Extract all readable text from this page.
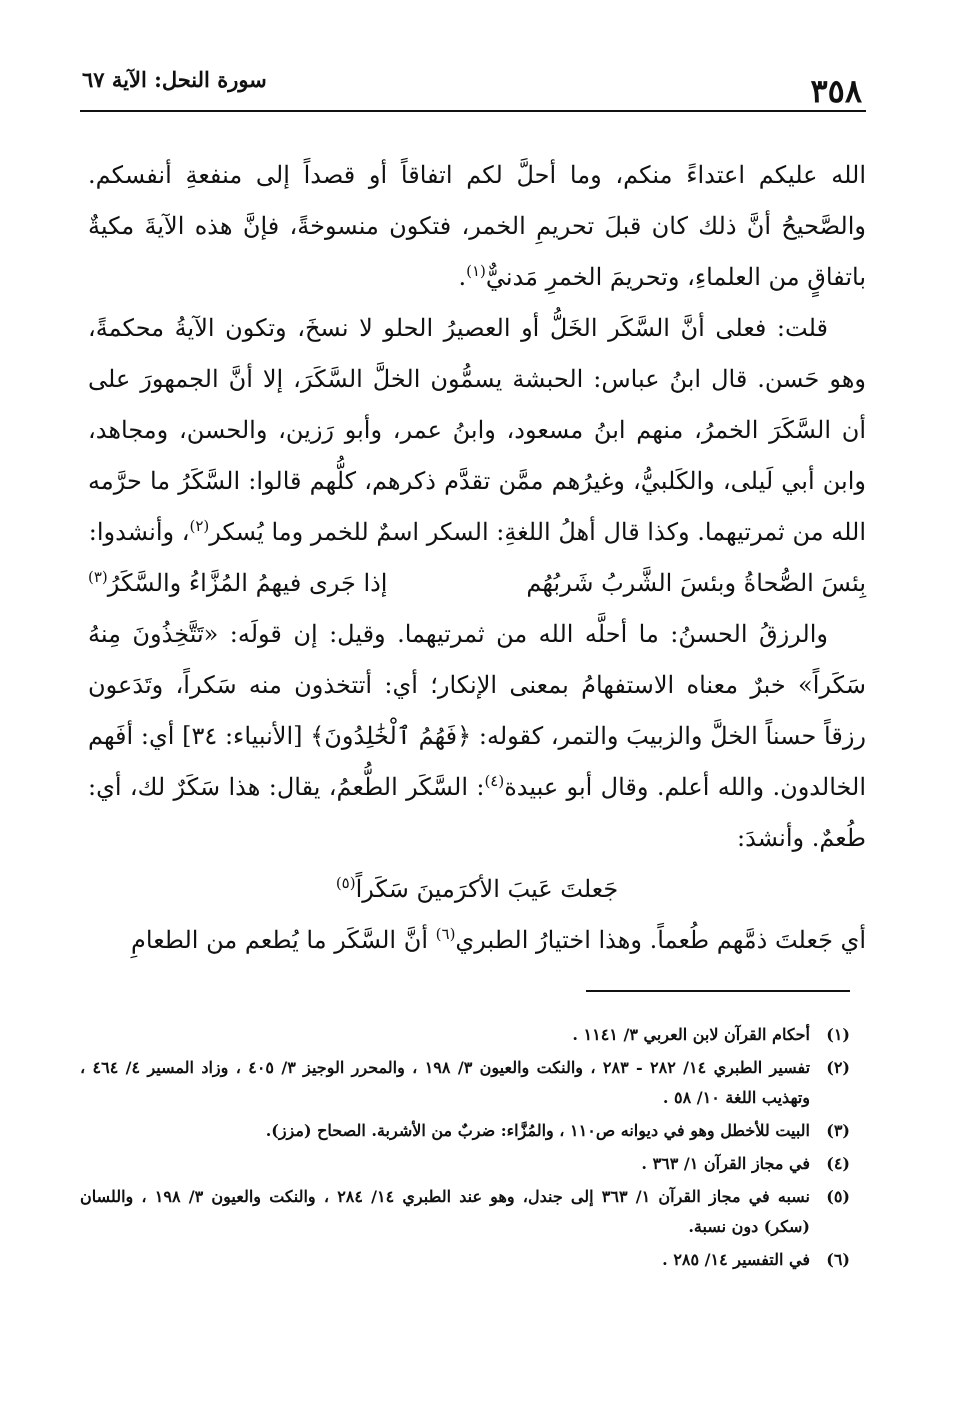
٣٥٨
سورة النحل: الآية ٦٧

الله عليكم اعتداءً منكم، وما أحلَّ لكم اتفاقاً أو قصداً إلى منفعةِ أنفسكم. والصَّحيحُ أنَّ ذلك كان قبلَ تحريمِ الخمر، فتكون منسوخةً، فإنَّ هذه الآيةَ مكيةٌ باتفاقٍ من العلماءِ، وتحريمَ الخمرِ مَدنيٌّ$^{(١)}$.

قلت: فعلى أنَّ السَّكَر الخَلُّ أو العصيرُ الحلو لا نسخَ، وتكون الآيةُ محكمةً، وهو حَسن. قال ابنُ عباس: الحبشة يسمُّون الخلَّ السَّكَرَ، إلا أنَّ الجمهورَ على أن السَّكَرَ الخمرُ، منهم ابنُ مسعود، وابنُ عمر، وأبو رَزين، والحسن، ومجاهد، وابن أبي لَيلى، والكَلبيُّ، وغيرُهم ممَّن تقدَّم ذكرهم، كلُّهم قالوا: السَّكَرُ ما حرَّمه الله من ثمرتيهما. وكذا قال أهلُ اللغةِ: السكر اسمٌ للخمر وما يُسكر$^{(٢)}$، وأنشدوا:

بِئسَ الصُّحاةُ وبئسَ الشَّربُ شَربُهُم
إذا جَرى فيهمُ المُزَّاءُ والسَّكَرُ$^{(٣)}$

والرزقُ الحسنُ: ما أحلَّه الله من ثمرتيهما. وقيل: إن قولَه: «تَتَّخِذُونَ مِنهُ سَكَراً» خبرٌ معناه الاستفهامُ بمعنى الإنكار؛ أي: أتتخذون منه سَكراً، وتَدَعون رزقاً حسناً الخلَّ والزبيبَ والتمر، كقوله: ﴿فَهُمُ ٱلْخَٰلِدُونَ﴾ [الأنبياء: ٣٤] أي: أفَهم الخالدون. والله أعلم. وقال أبو عبيدة$^{(٤)}$: السَّكَر الطُّعمُ، يقال: هذا سَكَرٌ لك، أي: طُعمٌ. وأنشدَ:

جَعلتَ عَيبَ الأكرَمينَ سَكَراً$^{(٥)}$

أي جَعلتَ ذمَّهم طُعماً. وهذا اختيارُ الطبري$^{(٦)}$ أنَّ السَّكَر ما يُطعم من الطعامِ

(١)
أحكام القرآن لابن العربي ٣/ ١١٤١ .
(٢)
تفسير الطبري ١٤/ ٢٨٢ - ٢٨٣ ، والنكت والعيون ٣/ ١٩٨ ، والمحرر الوجيز ٣/ ٤٠٥ ، وزاد المسير ٤/ ٤٦٤ ، وتهذيب اللغة ١٠/ ٥٨ .
(٣)
البيت للأخطل وهو في ديوانه ص١١٠ ، والمُزَّاء: ضربٌ من الأشربة. الصحاح (مزز).
(٤)
في مجاز القرآن ١/ ٣٦٣ .
(٥)
نسبه في مجاز القرآن ١/ ٣٦٣ إلى جندل، وهو عند الطبري ١٤/ ٢٨٤ ، والنكت والعيون ٣/ ١٩٨ ، واللسان (سكر) دون نسبة.
(٦)
في التفسير ١٤/ ٢٨٥ .
